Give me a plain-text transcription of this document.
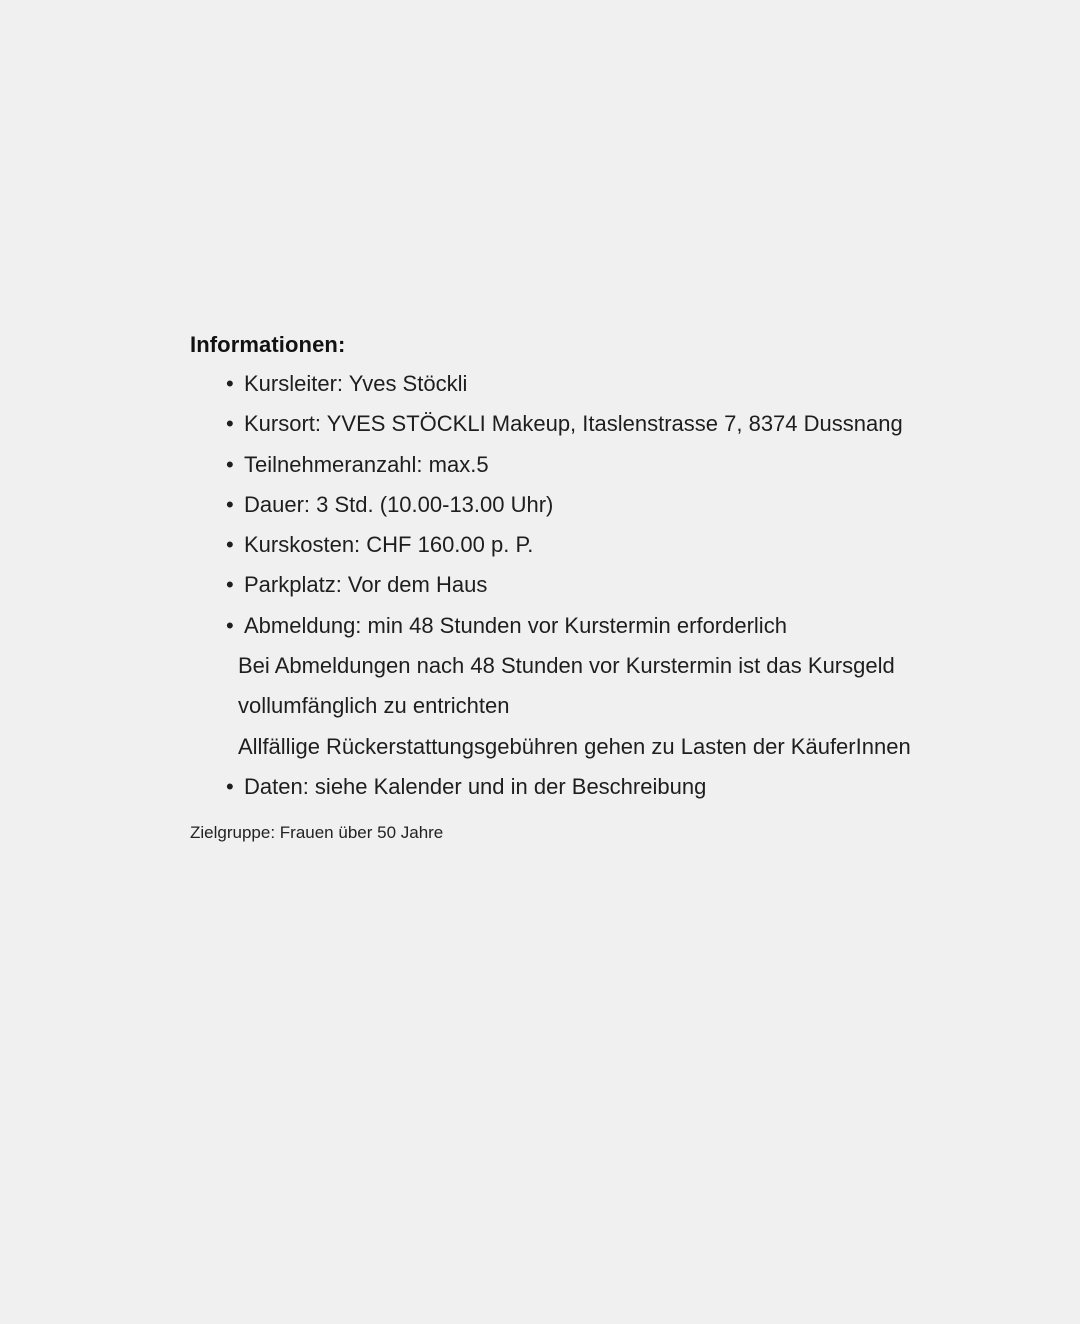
Informationen:
• Kursleiter: Yves Stöckli
• Kursort: YVES STÖCKLI Makeup, Itaslenstrasse 7, 8374 Dussnang
• Teilnehmeranzahl: max.5
• Dauer: 3 Std. (10.00-13.00 Uhr)
• Kurskosten: CHF 160.00 p. P.
• Parkplatz: Vor dem Haus
• Abmeldung: min 48 Stunden vor Kurstermin erforderlich
Bei Abmeldungen nach 48 Stunden vor Kurstermin ist das Kursgeld
vollumfänglich zu entrichten
Allfällige Rückerstattungsgebühren gehen zu Lasten der KäuferInnen
• Daten: siehe Kalender und in der Beschreibung
Zielgruppe: Frauen über 50 Jahre
